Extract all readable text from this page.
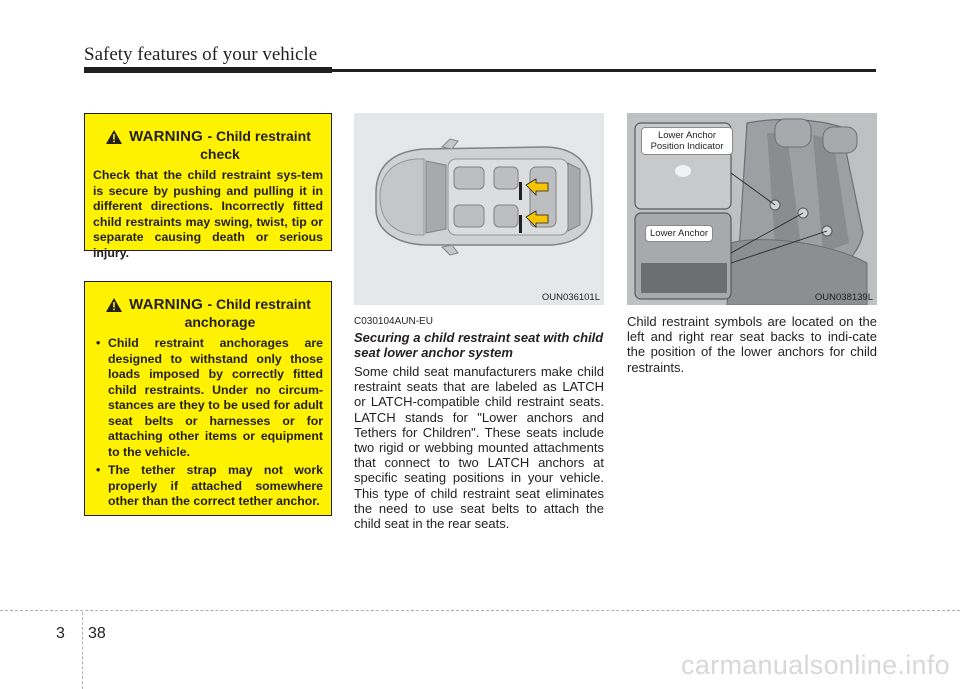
Safety features of your vehicle
WARNING - Child restraint
check
Check that the child restraint sys-tem is secure by pushing and pulling it in different directions. Incorrectly fitted child restraints may swing, twist, tip or separate causing death or serious injury.
WARNING - Child restraint
anchorage
• Child restraint anchorages are designed to withstand only those loads imposed by correctly fitted child restraints. Under no circum-stances are they to be used for adult seat belts or harnesses or for attaching other items or equipment to the vehicle.
• The tether strap may not work properly if attached somewhere other than the correct tether anchor.
OUN036101L
Lower Anchor Position Indicator
Lower Anchor
OUN038139L
C030104AUN-EU
Securing a child restraint seat with child seat lower anchor system

Some child seat manufacturers make child restraint seats that are labeled as LATCH or LATCH-compatible child restraint seats. LATCH stands for "Lower anchors and Tethers for Children". These seats include two rigid or webbing mounted attachments that connect to two LATCH anchors at specific seating positions in your vehicle. This type of child restraint seat eliminates the need to use seat belts to attach the child seat in the rear seats.

Child restraint symbols are located on the left and right rear seat backs to indi-cate the position of the lower anchors for child restraints.

3 38
carmanualsonline.info
